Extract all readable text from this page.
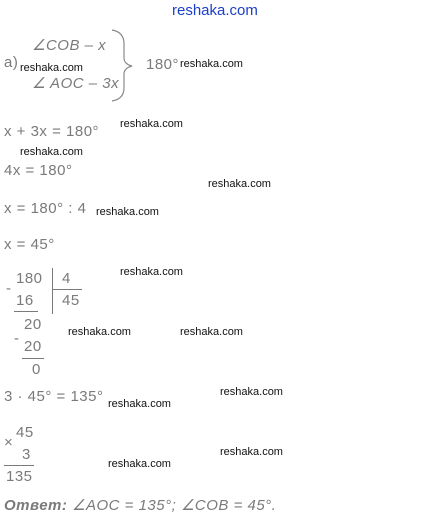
reshaka.com
а)
∠COB – x
reshaka.com
∠ AOC – 3x
180° reshaka.com
x + 3x = 180° reshaka.com
reshaka.com
4x = 180°
reshaka.com
x = 180° : 4 reshaka.com
x = 45°
-
180 4	reshaka.com
16 45
-
20 reshaka.com	reshaka.com
20
0
3 · 45° = 135°	reshaka.com
reshaka.com
45
×
3	reshaka.com
reshaka.com
135
Ответ: ∠AOC = 135°; ∠COB = 45°.
